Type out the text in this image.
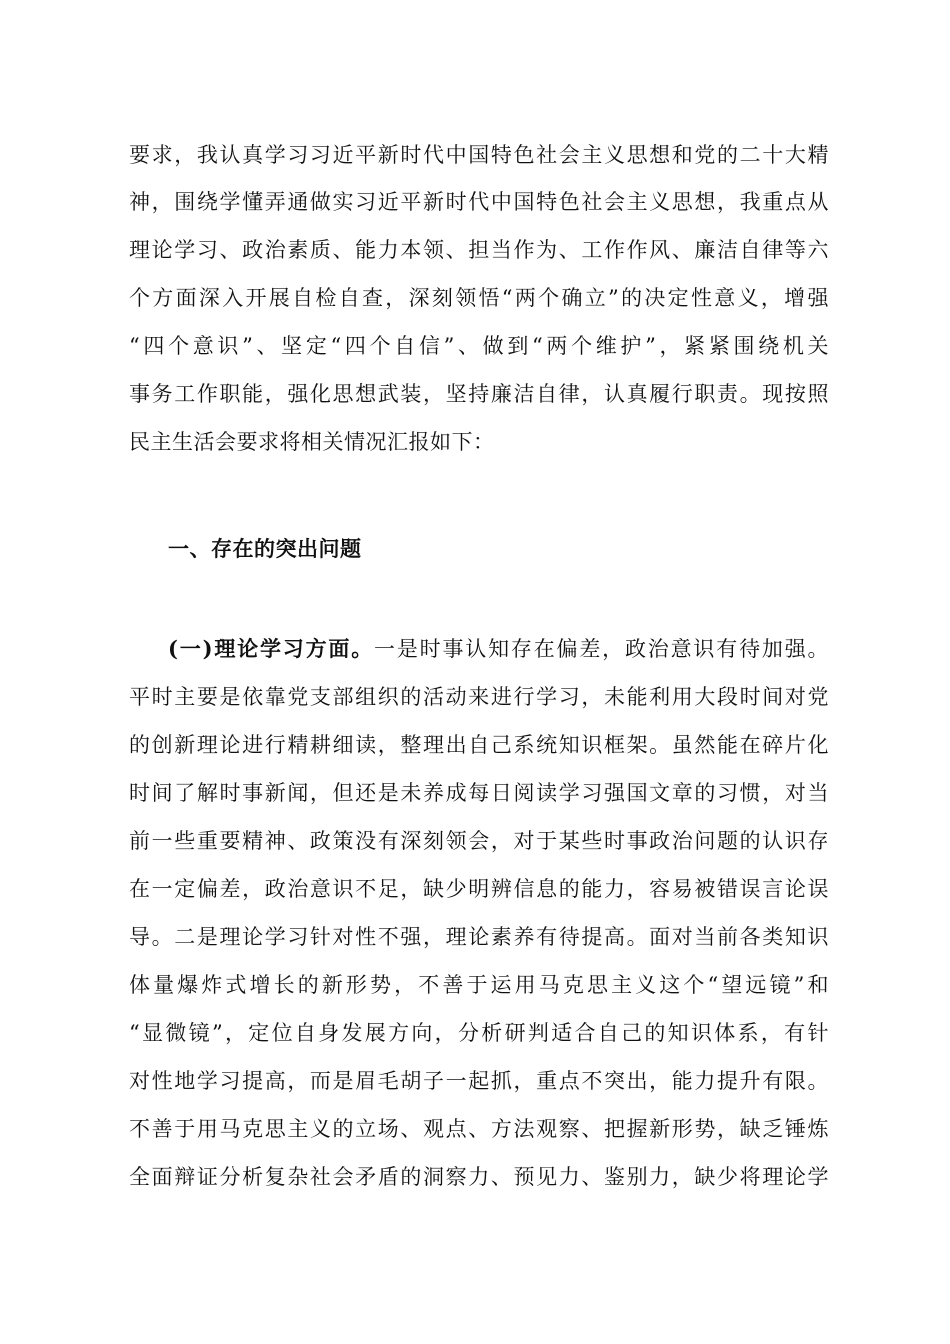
要求，我认真学习习近平新时代中国特色社会主义思想和党的二十大精
神，围绕学懂弄通做实习近平新时代中国特色社会主义思想，我重点从
理论学习、政治素质、能力本领、担当作为、工作作风、廉洁自律等六
个方面深入开展自检自查，深刻领悟“两个确立”的决定性意义，增强
“四个意识”、坚定“四个自信”、做到“两个维护”，紧紧围绕机关
事务工作职能，强化思想武装，坚持廉洁自律，认真履行职责。现按照
民主生活会要求将相关情况汇报如下：
一、存在的突出问题
(一)理论学习方面。一是时事认知存在偏差，政治意识有待加强。
平时主要是依靠党支部组织的活动来进行学习，未能利用大段时间对党
的创新理论进行精耕细读，整理出自己系统知识框架。虽然能在碎片化
时间了解时事新闻，但还是未养成每日阅读学习强国文章的习惯，对当
前一些重要精神、政策没有深刻领会，对于某些时事政治问题的认识存
在一定偏差，政治意识不足，缺少明辨信息的能力，容易被错误言论误
导。二是理论学习针对性不强，理论素养有待提高。面对当前各类知识
体量爆炸式增长的新形势，不善于运用马克思主义这个“望远镜”和
“显微镜”，定位自身发展方向，分析研判适合自己的知识体系，有针
对性地学习提高，而是眉毛胡子一起抓，重点不突出，能力提升有限。
不善于用马克思主义的立场、观点、方法观察、把握新形势，缺乏锤炼
全面辩证分析复杂社会矛盾的洞察力、预见力、鉴别力，缺少将理论学
